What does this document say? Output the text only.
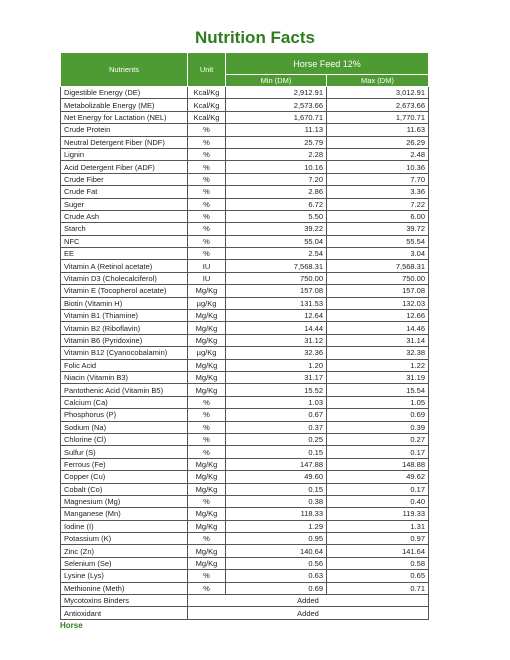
Nutrition Facts
Nutrients	Unit	Horse Feed 12%	
		Min (DM)	Max (DM)
Digestible Energy (DE)	Kcal/Kg	2,912.91	3,012.91
Metabolizable Energy (ME)	Kcal/Kg	2,573.66	2,673.66
Net Energy for Lactation (NEL)	Kcal/Kg	1,670.71	1,770.71
Crude Protein	%	11.13	11.63
Neutral Detergent Fiber (NDF)	%	25.79	26.29
Lignin	%	2.28	2.48
Acid Detergent Fiber (ADF)	%	10.16	10.36
Crude Fiber	%	7.20	7.70
Crude Fat	%	2.86	3.36
Suger	%	6.72	7.22
Crude Ash	%	5.50	6.00
Starch	%	39.22	39.72
NFC	%	55.04	55.54
EE	%	2.54	3.04
Vitamin A (Retinol acetate)	IU	7,568.31	7,568.31
Vitamin D3 (Cholecalciferol)	IU	750.00	750.00
Vitamin E (Tocopherol acetate)	Mg/Kg	157.08	157.08
Biotin (Vitamin H)	µg/Kg	131.53	132.03
Vitamin B1 (Thiamine)	Mg/Kg	12.64	12.66
Vitamin B2 (Riboflavin)	Mg/Kg	14.44	14.46
Vitamin B6 (Pyridoxine)	Mg/Kg	31.12	31.14
Vitamin B12 (Cyanocobalamin)	µg/Kg	32.36	32.38
Folic Acid	Mg/Kg	1.20	1.22
Niacin (Vitamin B3)	Mg/Kg	31.17	31.19
Pantothenic Acid (Vitamin B5)	Mg/Kg	15.52	15.54
Calcium (Ca)	%	1.03	1.05
Phosphorus (P)	%	0.67	0.69
Sodium (Na)	%	0.37	0.39
Chlorine (Cl)	%	0.25	0.27
Sulfur (S)	%	0.15	0.17
Ferrous (Fe)	Mg/Kg	147.88	148.88
Copper (Cu)	Mg/Kg	49.60	49.62
Cobalt (Co)	Mg/Kg	0.15	0.17
Magnesium (Mg)	%	0.38	0.40
Manganese (Mn)	Mg/Kg	118.33	119.33
Iodine (I)	Mg/Kg	1.29	1.31
Potassium (K)	%	0.95	0.97
Zinc (Zn)	Mg/Kg	140.64	141.64
Selenium (Se)	Mg/Kg	0.56	0.58
Lysine (Lys)	%	0.63	0.65
Methionine (Meth)	%	0.69	0.71
Mycotoxins Binders	Added		
Antioxidant	Added		
Horse
